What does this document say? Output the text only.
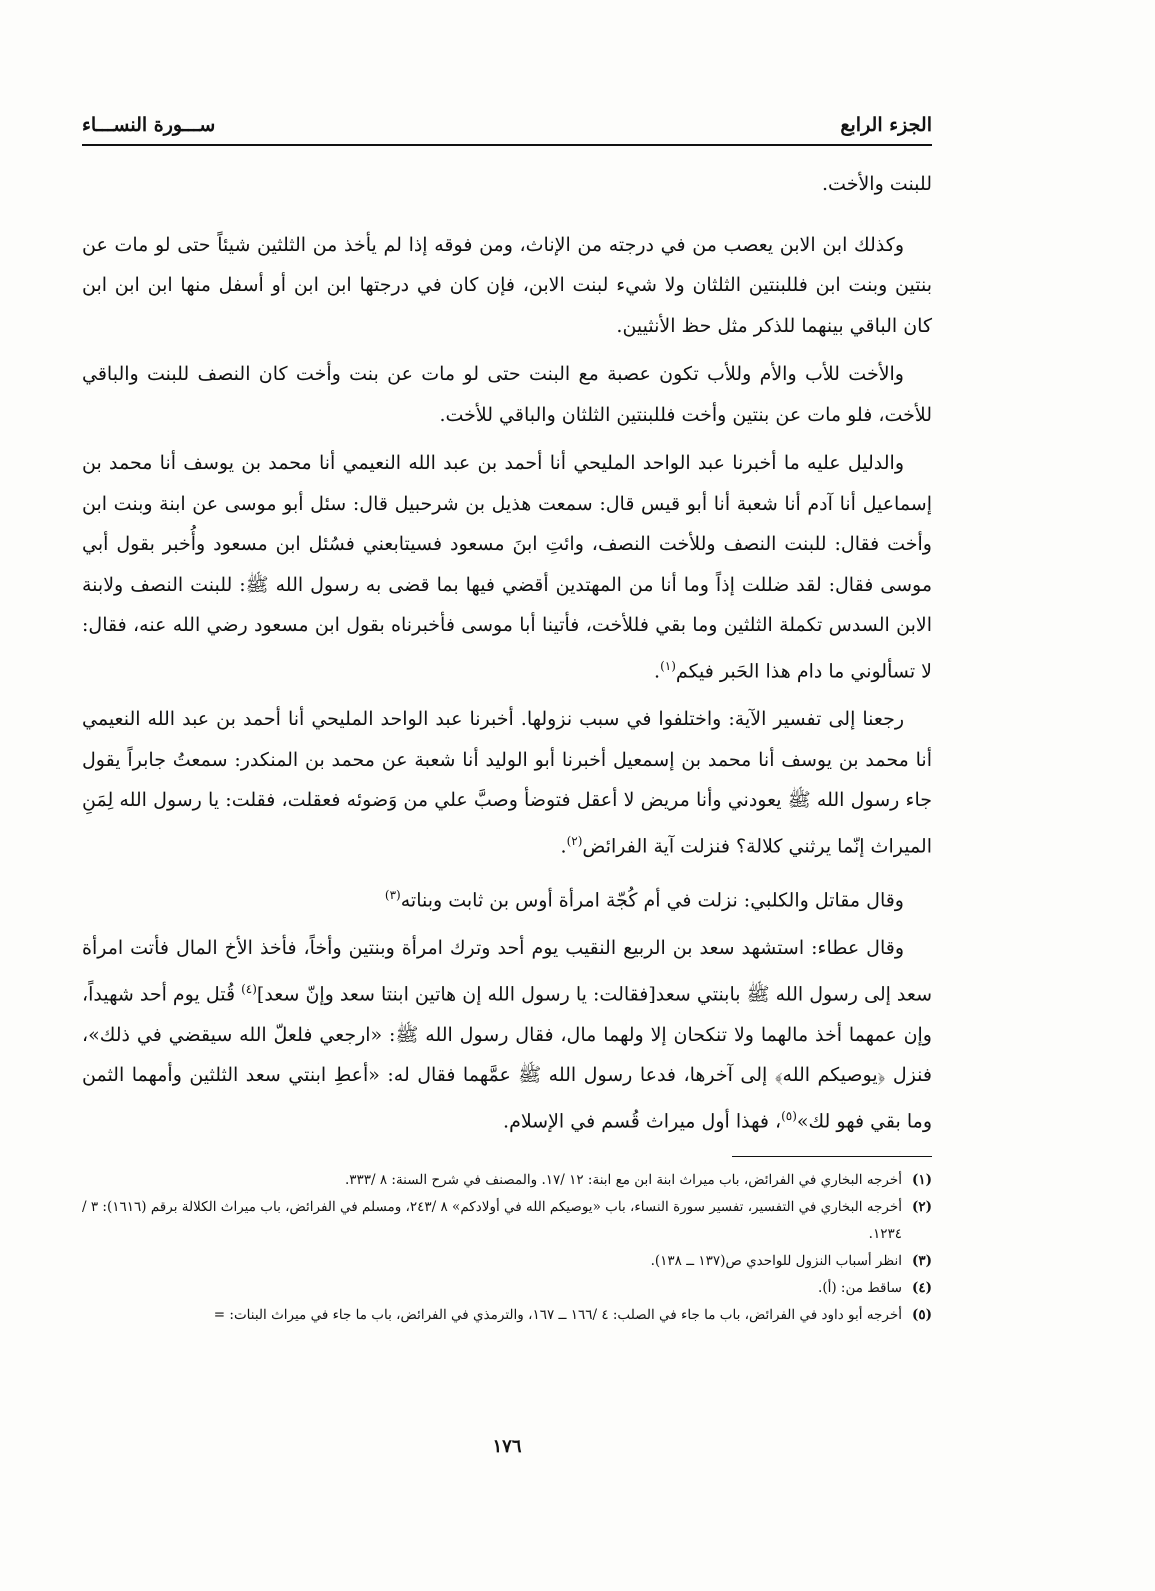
الجزء الرابع
ســـورة النســـاء

للبنت والأخت.

وكذلك ابن الابن يعصب من في درجته من الإناث، ومن فوقه إذا لم يأخذ من الثلثين شيئاً حتى لو مات عن بنتين وبنت ابن فللبنتين الثلثان ولا شيء لبنت الابن، فإن كان في درجتها ابن ابن أو أسفل منها ابن ابن ابن كان الباقي بينهما للذكر مثل حظ الأنثيين.

والأخت للأب والأم وللأب تكون عصبة مع البنت حتى لو مات عن بنت وأخت كان النصف للبنت والباقي للأخت، فلو مات عن بنتين وأخت فللبنتين الثلثان والباقي للأخت.

والدليل عليه ما أخبرنا عبد الواحد المليحي أنا أحمد بن عبد الله النعيمي أنا محمد بن يوسف أنا محمد بن إسماعيل أنا آدم أنا شعبة أنا أبو قيس قال: سمعت هذيل بن شرحبيل قال: سئل أبو موسى عن ابنة وبنت ابن وأخت فقال: للبنت النصف وللأخت النصف، وائتِ ابنَ مسعود فسيتابعني فسُئل ابن مسعود وأُخبر بقول أبي موسى فقال: لقد ضللت إذاً وما أنا من المهتدين أقضي فيها بما قضى به رسول الله ﷺ: للبنت النصف ولابنة الابن السدس تكملة الثلثين وما بقي فللأخت، فأتينا أبا موسى فأخبرناه بقول ابن مسعود رضي الله عنه، فقال: لا تسألوني ما دام هذا الحَبر فيكم$^{(١)}$.

رجعنا إلى تفسير الآية: واختلفوا في سبب نزولها. أخبرنا عبد الواحد المليحي أنا أحمد بن عبد الله النعيمي أنا محمد بن يوسف أنا محمد بن إسمعيل أخبرنا أبو الوليد أنا شعبة عن محمد بن المنكدر: سمعتُ جابراً يقول جاء رسول الله ﷺ يعودني وأنا مريض لا أعقل فتوضأ وصبَّ علي من وَضوئه فعقلت، فقلت: يا رسول الله لِمَنِ الميراث إنّما يرثني كلالة؟ فنزلت آية الفرائض$^{(٢)}$.

وقال مقاتل والكلبي: نزلت في أم كُجّة امرأة أوس بن ثابت وبناته$^{(٣)}$

وقال عطاء: استشهد سعد بن الربيع النقيب يوم أحد وترك امرأة وبنتين وأخاً، فأخذ الأخ المال فأتت امرأة سعد إلى رسول الله ﷺ بابنتي سعد[فقالت: يا رسول الله إن هاتين ابنتا سعد وإنّ سعد]$^{(٤)}$ قُتل يوم أحد شهيداً، وإن عمهما أخذ مالهما ولا تنكحان إلا ولهما مال، فقال رسول الله ﷺ: «ارجعي فلعلّ الله سيقضي في ذلك»، فنزل ﴿يوصيكم الله﴾ إلى آخرها، فدعا رسول الله ﷺ عمَّهما فقال له: «أعطِ ابنتي سعد الثلثين وأمهما الثمن وما بقي فهو لك»$^{(٥)}$، فهذا أول ميراث قُسم في الإسلام.

(١)
أخرجه البخاري في الفرائض، باب ميراث ابنة ابن مع ابنة: ١٢ /١٧. والمصنف في شرح السنة: ٨ /٣٣٣.
(٢)
أخرجه البخاري في التفسير، تفسير سورة النساء، باب «يوصيكم الله في أولادكم» ٨ /٢٤٣، ومسلم في الفرائض، باب ميراث الكلالة برقم (١٦١٦): ٣ /١٢٣٤.
(٣)
انظر أسباب النزول للواحدي ص(١٣٧ ــ ١٣٨).
(٤)
ساقط من: (أ).
(٥)
أخرجه أبو داود في الفرائض، باب ما جاء في الصلب: ٤ /١٦٦ ــ ١٦٧، والترمذي في الفرائض، باب ما جاء في ميراث البنات: =
١٧٦
